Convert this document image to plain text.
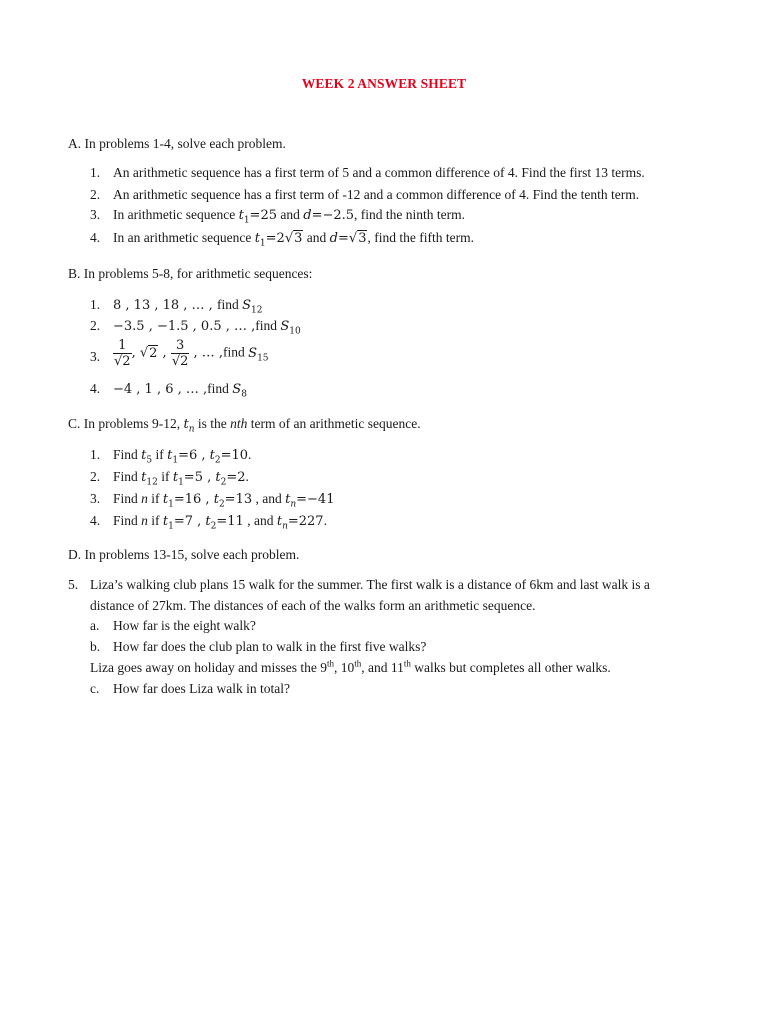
WEEK 2 ANSWER SHEET
A. In problems 1-4, solve each problem.
1. An arithmetic sequence has a first term of 5 and a common difference of 4. Find the first 13 terms.
2. An arithmetic sequence has a first term of -12 and a common difference of 4. Find the tenth term.
3. In arithmetic sequence $t_1=25$ and d=−2.5, find the ninth term.
4. In an arithmetic sequence $t_1=2√3$ and d=√3, find the fifth term.
B. In problems 5-8, for arithmetic sequences:
1. 8 , 13 , 18 , … , find $S_{12}$
2. −3.5 , −1.5 , 0.5 , … ,find $S_{10}$
3. $\frac{1}{√2}$ , √2 , $\frac{3}{√2}$ , … ,find $S_{15}$
4. −4 , 1 , 6 , … ,find $S_8$
C. In problems 9-12, $t_n$ is the nth term of an arithmetic sequence.
1. Find $t_5$ if $t_1=6$ , $t_2=10$.
2. Find $t_{12}$ if $t_1=5$ , $t_2=2$.
3. Find n if $t_1=16$ , $t_2=13$ , and $t_n=-41$
4. Find n if $t_1=7$ , $t_2=11$ , and $t_n=227$.
D. In problems 13-15, solve each problem.
5. Liza’s walking club plans 15 walk for the summer. The first walk is a distance of 6km and last walk is a
distance of 27km. The distances of each of the walks form an arithmetic sequence.
a. How far is the eight walk?
b. How far does the club plan to walk in the first five walks?
Liza goes away on holiday and misses the 9th, 10th, and 11th walks but completes all other walks.
c. How far does Liza walk in total?
